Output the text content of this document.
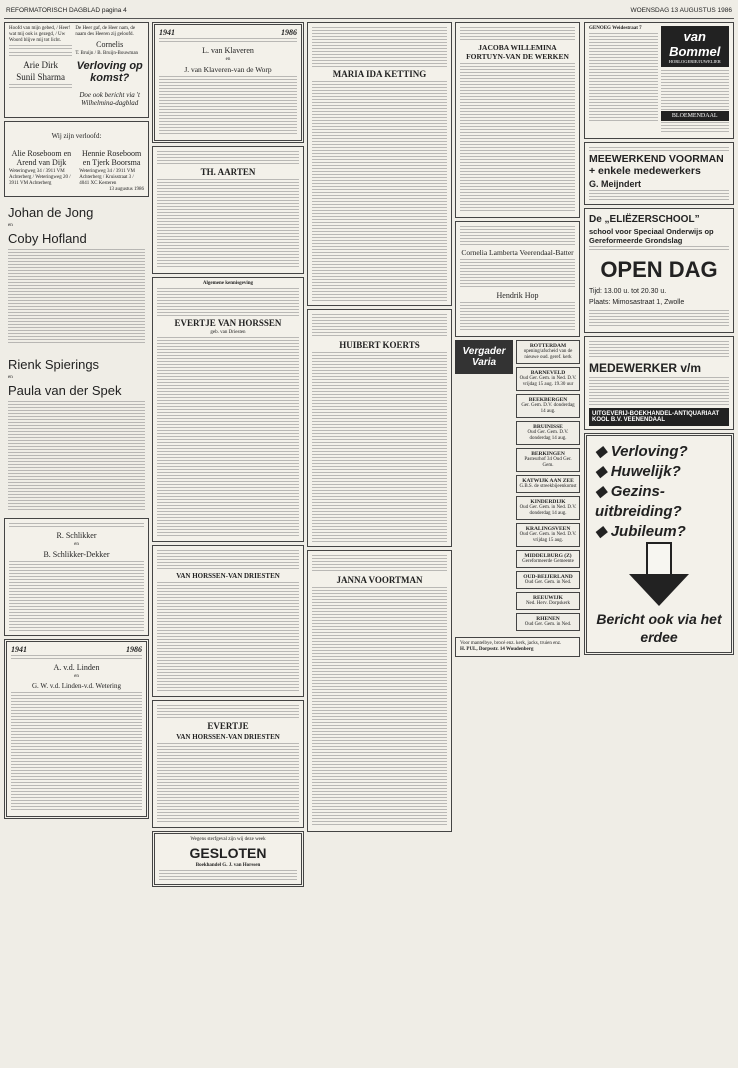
REFORMATORISCH DAGBLAD pagina 4	WOENSDAG 13 AUGUSTUS 1986

Hoofd van mijn gebed, / Heer! wat mij ook is gezegd, / Uw Woord blijve mij tot licht.

Arie Dirk

Sunil Sharma

De Heer gaf, de Heer nam, de naam des Heeren zij geloofd.

Cornelis

T. Bruijn / B. Bruijn-Bouwman

Verloving op komst?

Doe ook bericht via 't Wilhelmina-dagblad

Wij zijn verloofd:

Alie Roseboom en Arend van Dijk

Hennie Roseboom en Tjerk Boorsma

Weteringweg 34 / 3911 VM Achterberg / Weteringweg 20 / 3911 VM Achterberg

Weteringweg 34 / 3911 VM Achterberg / Kruisstraat 3 / 4041 XC Kesteren

13 augustus 1986

Johan de Jong

en

Coby Hofland

Rienk Spierings

en

Paula van der Spek

R. Schlikker

en

B. Schlikker-Dekker

1941	1986

A. v.d. Linden

en

G. W. v.d. Linden-v.d. Wetering

1941	1986

L. van Klaveren

en

J. van Klaveren-van de Worp

TH. AARTEN

Algemene kennisgeving

EVERTJE VAN HORSSEN

geb. van Driesten

VAN HORSSEN-VAN DRIESTEN

EVERTJE

VAN HORSSEN-VAN DRIESTEN

Wegens sterfgeval zijn wij deze week

GESLOTEN

Boekhandel G. J. van Horssen

MARIA IDA KETTING

HUIBERT KOERTS

JANNA VOORTMAN

JACOBA WILLEMINA FORTUYN-VAN DE WERKEN

Cornelia Lamberta Veerendaal-Batter

Hendrik Hop

Vergader Varia
ROTTERDAM
opening/afscheid van de nieuwe oud. geref. kerk
BARNEVELD
Oud Ger. Gem. in Ned. D.V. vrijdag 15 aug. 19.30 uur
BEEKBERGEN
Ger. Gem. D.V. donderdag 14 aug.
BRUINISSE
Oud Ger. Gem. D.V. donderdag 14 aug.
BERKINGEN
Pasteurhof 34 Oud Ger. Gem.
KATWIJK AAN ZEE
G.B.S. de streekbijeenkomst
KINDERDIJK
Oud Ger. Gem. in Ned. D.V. donderdag 14 aug.
KRALINGSVEEN
Oud Ger. Gem. in Ned. D.V. vrijdag 15 aug.
MIDDELBURG (Z)
Gereformeerde Gemeente
OUD-BEIJERLAND
Oud Ger. Gem. in Ned.
REEUWIJK
Ned. Herv. Dorpskerk
RHENEN
Oud Ger. Gem. in Ned.

Voor mantelbye, brocé enz. kerk, jacks, truien enz.

H. PUL, Dorpsstr. 14 Woudenberg

GENOEG Weidestraat 7

van Bommel

HORLOGERIE/JUWELIER

BLOEMENDAAL

MEEWERKEND VOORMAN + enkele medewerkers

G. Meijndert

De „ELIËZERSCHOOL”

school voor Speciaal Onderwijs op Gereformeerde Grondslag

OPEN DAG

Tijd: 13.00 u. tot 20.30 u.

Plaats: Mimosastraat 1, Zwolle

MEDEWERKER v/m

UITGEVERIJ-BOEKHANDEL-ANTIQUARIAAT KOOL B.V. VEENENDAAL
◆ Verloving?
◆ Huwelijk?
◆ Gezins-uitbreiding?
◆ Jubileum?

Bericht ook via het erdee
